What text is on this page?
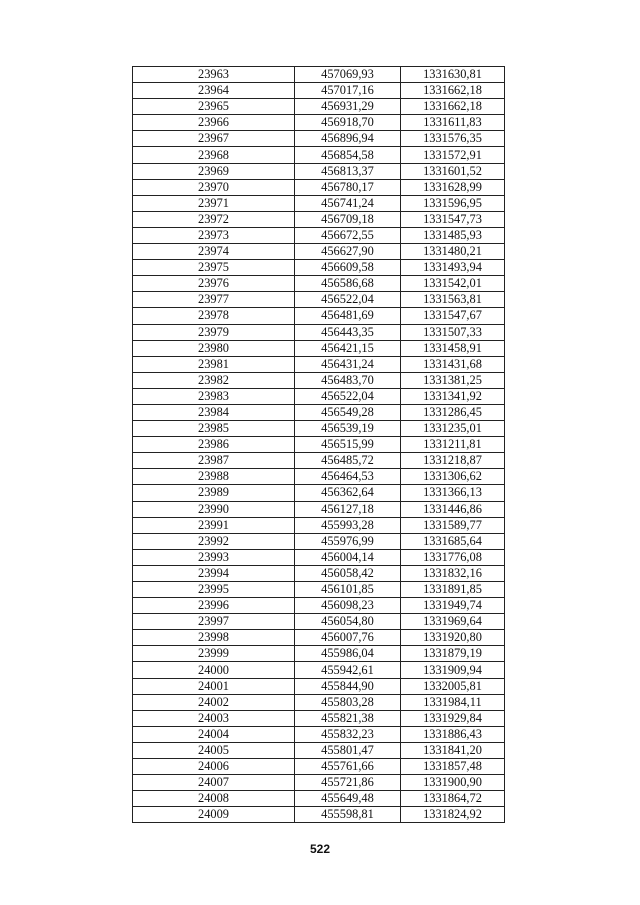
23963	457069,93	1331630,81
23964	457017,16	1331662,18
23965	456931,29	1331662,18
23966	456918,70	1331611,83
23967	456896,94	1331576,35
23968	456854,58	1331572,91
23969	456813,37	1331601,52
23970	456780,17	1331628,99
23971	456741,24	1331596,95
23972	456709,18	1331547,73
23973	456672,55	1331485,93
23974	456627,90	1331480,21
23975	456609,58	1331493,94
23976	456586,68	1331542,01
23977	456522,04	1331563,81
23978	456481,69	1331547,67
23979	456443,35	1331507,33
23980	456421,15	1331458,91
23981	456431,24	1331431,68
23982	456483,70	1331381,25
23983	456522,04	1331341,92
23984	456549,28	1331286,45
23985	456539,19	1331235,01
23986	456515,99	1331211,81
23987	456485,72	1331218,87
23988	456464,53	1331306,62
23989	456362,64	1331366,13
23990	456127,18	1331446,86
23991	455993,28	1331589,77
23992	455976,99	1331685,64
23993	456004,14	1331776,08
23994	456058,42	1331832,16
23995	456101,85	1331891,85
23996	456098,23	1331949,74
23997	456054,80	1331969,64
23998	456007,76	1331920,80
23999	455986,04	1331879,19
24000	455942,61	1331909,94
24001	455844,90	1332005,81
24002	455803,28	1331984,11
24003	455821,38	1331929,84
24004	455832,23	1331886,43
24005	455801,47	1331841,20
24006	455761,66	1331857,48
24007	455721,86	1331900,90
24008	455649,48	1331864,72
24009	455598,81	1331824,92
522
